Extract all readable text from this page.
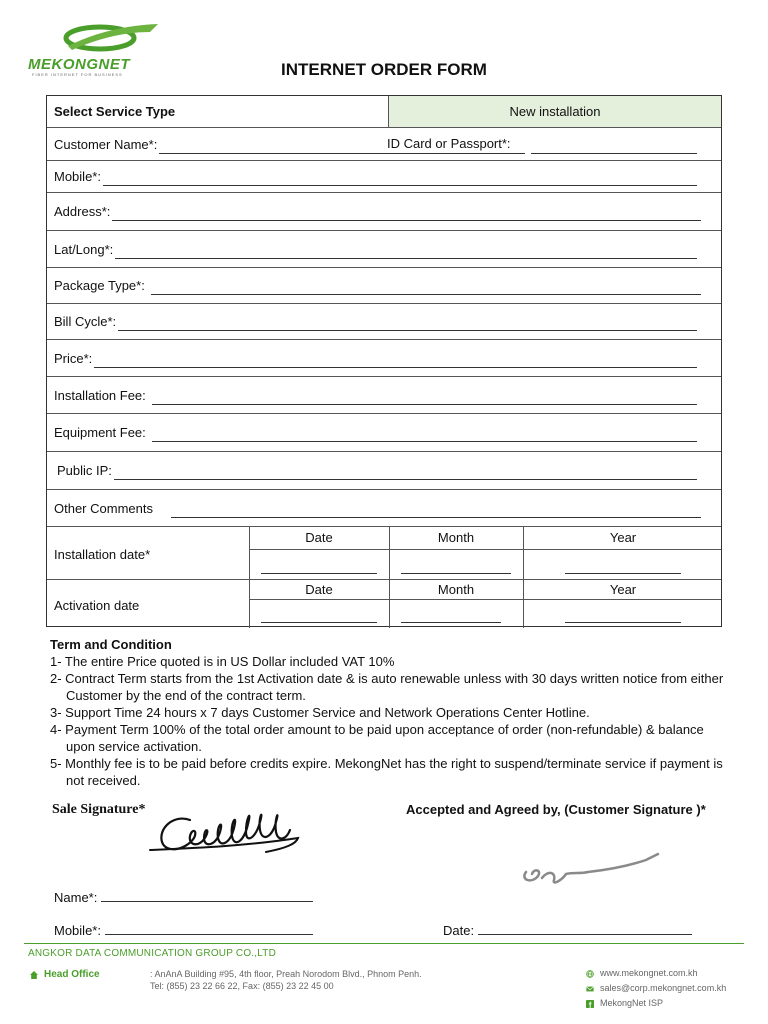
MEKONGNET
FIBER INTERNET FOR BUSINESS	INTERNET ORDER FORM
Select Service Type	New installation
Customer Name*:	ID Card or Passport*:
Mobile*:
Address*:
Lat/Long*:
Package Type*:
Bill Cycle*:
Price*:
Installation Fee:
Equipment Fee:
Public IP:
Other Comments
Installation date*
Date	Month	Year
Activation date
Date	Month	Year
Term and Condition
1- The entire Price quoted is in US Dollar included VAT 10%
2- Contract Term starts from the 1st Activation date & is auto renewable unless with 30 days written notice from either Customer by the end of the contract term.
3- Support Time 24 hours x 7 days Customer Service and Network Operations Center Hotline.
4- Payment Term 100% of the total order amount to be paid upon acceptance of order (non-refundable) & balance upon service activation.
5- Monthly fee is to be paid before credits expire. MekongNet has the right to suspend/terminate service if payment is not received.
Sale Signature*	Accepted and Agreed by, (Customer Signature )*
Name*:
Mobile*:	Date:
ANGKOR DATA COMMUNICATION GROUP CO.,LTD
Head Office	: AnAnA Building #95, 4th floor, Preah Norodom Blvd., Phnom Penh.
Tel: (855) 23 22 66 22, Fax: (855) 23 22 45 00
www.mekongnet.com.kh
sales@corp.mekongnet.com.kh
MekongNet ISP
